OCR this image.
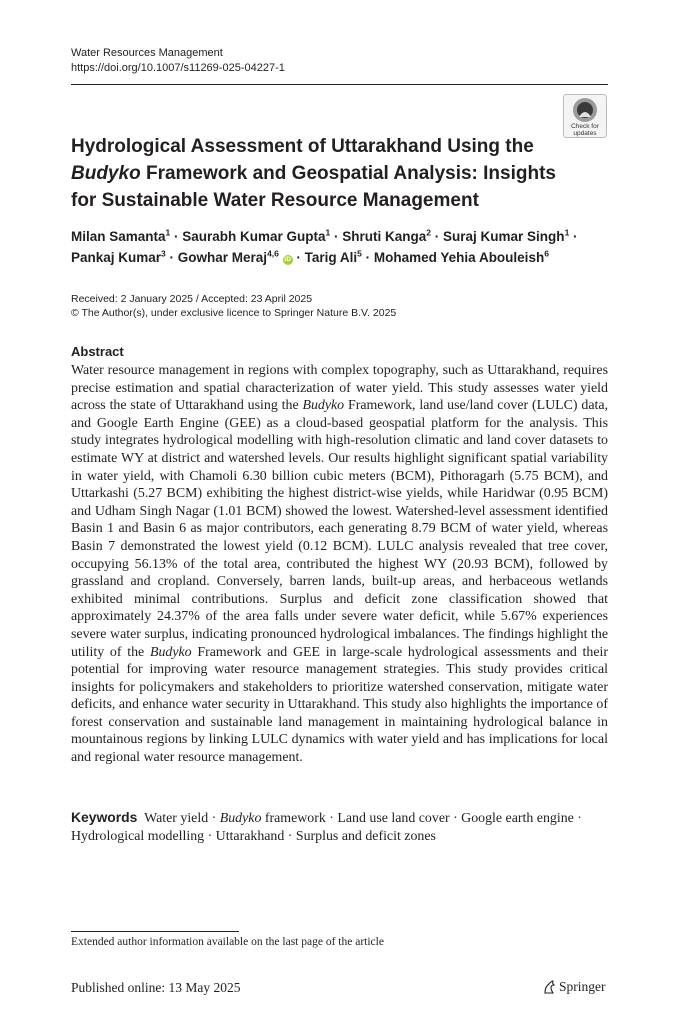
Water Resources Management
https://doi.org/10.1007/s11269-025-04227-1
Check for
updates
Hydrological Assessment of Uttarakhand Using the Budyko Framework and Geospatial Analysis: Insights for Sustainable Water Resource Management
Milan Samanta$^1$ · Saurabh Kumar Gupta$^1$ · Shruti Kanga$^2$ · Suraj Kumar Singh$^1$ ·
Pankaj Kumar$^3$ · Gowhar Meraj$^{4,6}$ iD · Tarig Ali$^5$ · Mohamed Yehia Abouleish$^6$
Received: 2 January 2025 / Accepted: 23 April 2025
© The Author(s), under exclusive licence to Springer Nature B.V. 2025
Abstract

Water resource management in regions with complex topography, such as Uttarakhand, requires precise estimation and spatial characterization of water yield. This study assesses water yield across the state of Uttarakhand using the Budyko Framework, land use/land cover (LULC) data, and Google Earth Engine (GEE) as a cloud-based geospatial platform for the analysis. This study integrates hydrological modelling with high-resolution climatic and land cover datasets to estimate WY at district and watershed levels. Our results highlight significant spatial variability in water yield, with Chamoli 6.30 billion cubic meters (BCM), Pithoragarh (5.75 BCM), and Uttarkashi (5.27 BCM) exhibiting the highest district-wise yields, while Haridwar (0.95 BCM) and Udham Singh Nagar (1.01 BCM) showed the lowest. Watershed-level assessment identified Basin 1 and Basin 6 as major contributors, each generating 8.79 BCM of water yield, whereas Basin 7 demonstrated the lowest yield (0.12 BCM). LULC analysis revealed that tree cover, occupying 56.13% of the total area, contributed the highest WY (20.93 BCM), followed by grassland and cropland. Conversely, barren lands, built-up areas, and herbaceous wetlands exhibited minimal contributions. Surplus and deficit zone classification showed that approximately 24.37% of the area falls under severe water deficit, while 5.67% experiences severe water surplus, indicating pronounced hydrological imbalances. The findings highlight the utility of the Budyko Framework and GEE in large-scale hydrological assessments and their potential for improving water resource management strategies. This study provides critical insights for policymakers and stakeholders to prioritize watershed conservation, mitigate water deficits, and enhance water security in Uttarakhand. This study also highlights the importance of forest conservation and sustainable land management in maintaining hydrological balance in mountainous regions by linking LULC dynamics with water yield and has implications for local and regional water resource management.

Keywords Water yield · Budyko framework · Land use land cover · Google earth engine · Hydrological modelling · Uttarakhand · Surplus and deficit zones

Extended author information available on the last page of the article
Published online: 13 May 2025	Springer
